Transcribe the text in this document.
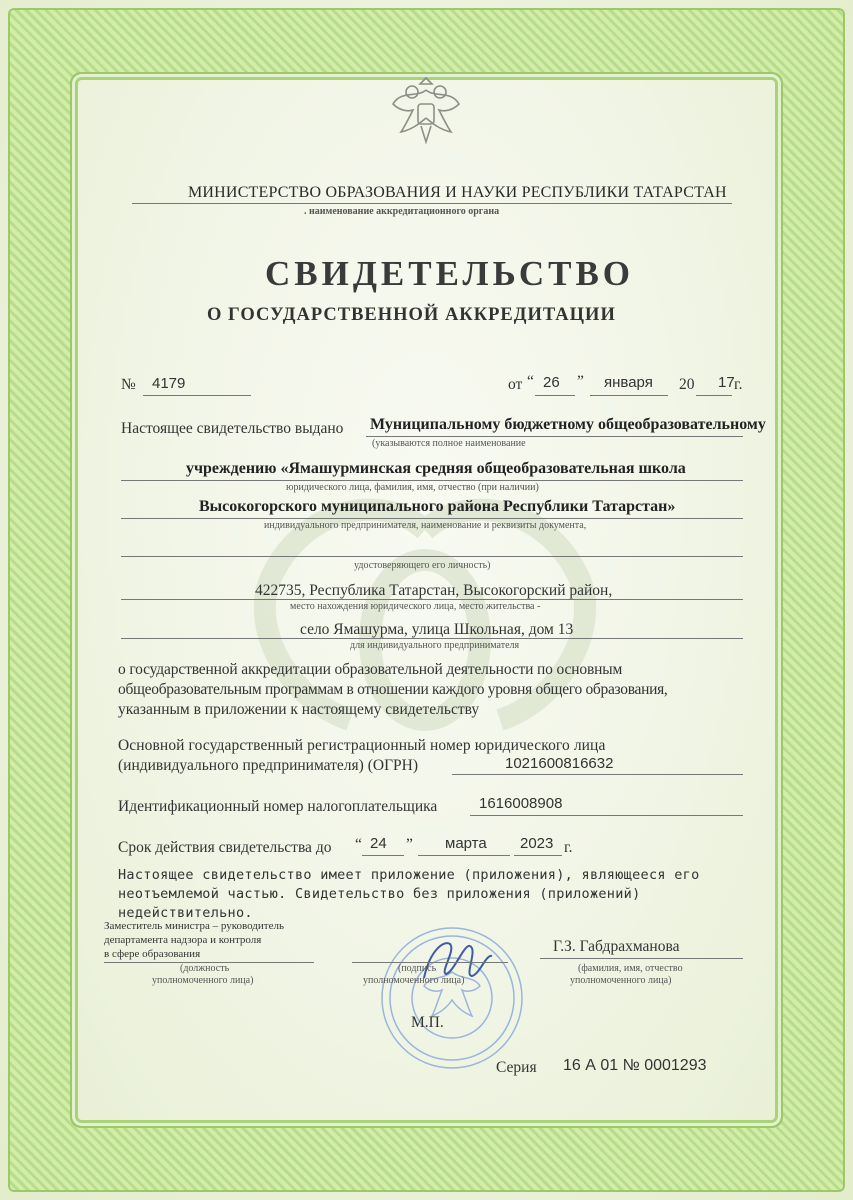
МИНИСТЕРСТВО ОБРАЗОВАНИЯ И НАУКИ РЕСПУБЛИКИ ТАТАРСТАН
. наименование аккредитационного органа
СВИДЕТЕЛЬСТВО
О ГОСУДАРСТВЕННОЙ АККРЕДИТАЦИИ
№ 4179	от “ 26 ” января 20 17 г.
Настоящее свидетельство выдано Муниципальному бюджетному общеобразовательному
(указываются полное наименование
учреждению «Ямашурминская средняя общеобразовательная школа
юридического лица, фамилия, имя, отчество (при наличии)
Высокогорского муниципального района Республики Татарстан»
индивидуального предпринимателя, наименование и реквизиты документа,
удостоверяющего его личность)
422735, Республика Татарстан, Высокогорский район,
место нахождения юридического лица, место жительства -
село Ямашурма, улица Школьная, дом 13
для индивидуального предпринимателя
о государственной аккредитации образовательной деятельности по основным
общеобразовательным программам в отношении каждого уровня общего образования,
указанным в приложении к настоящему свидетельству
Основной государственный регистрационный номер юридического лица
(индивидуального предпринимателя) (ОГРН)	1021600816632
Идентификационный номер налогоплательщика	1616008908
Срок действия свидетельства до “ 24 ” марта 2023 г.
Настоящее свидетельство имеет приложение (приложения), являющееся его
неотъемлемой частью. Свидетельство без приложения (приложений)
недействительно.
Заместитель министра – руководитель
департамента надзора и контроля
в сфере образования
(должность
уполномоченного лица)
(подпись
уполномоченного лица)
Г.З. Габдрахманова
(фамилия, имя, отчество
уполномоченного лица)
М.П.
Серия 16 А 01 № 0001293
